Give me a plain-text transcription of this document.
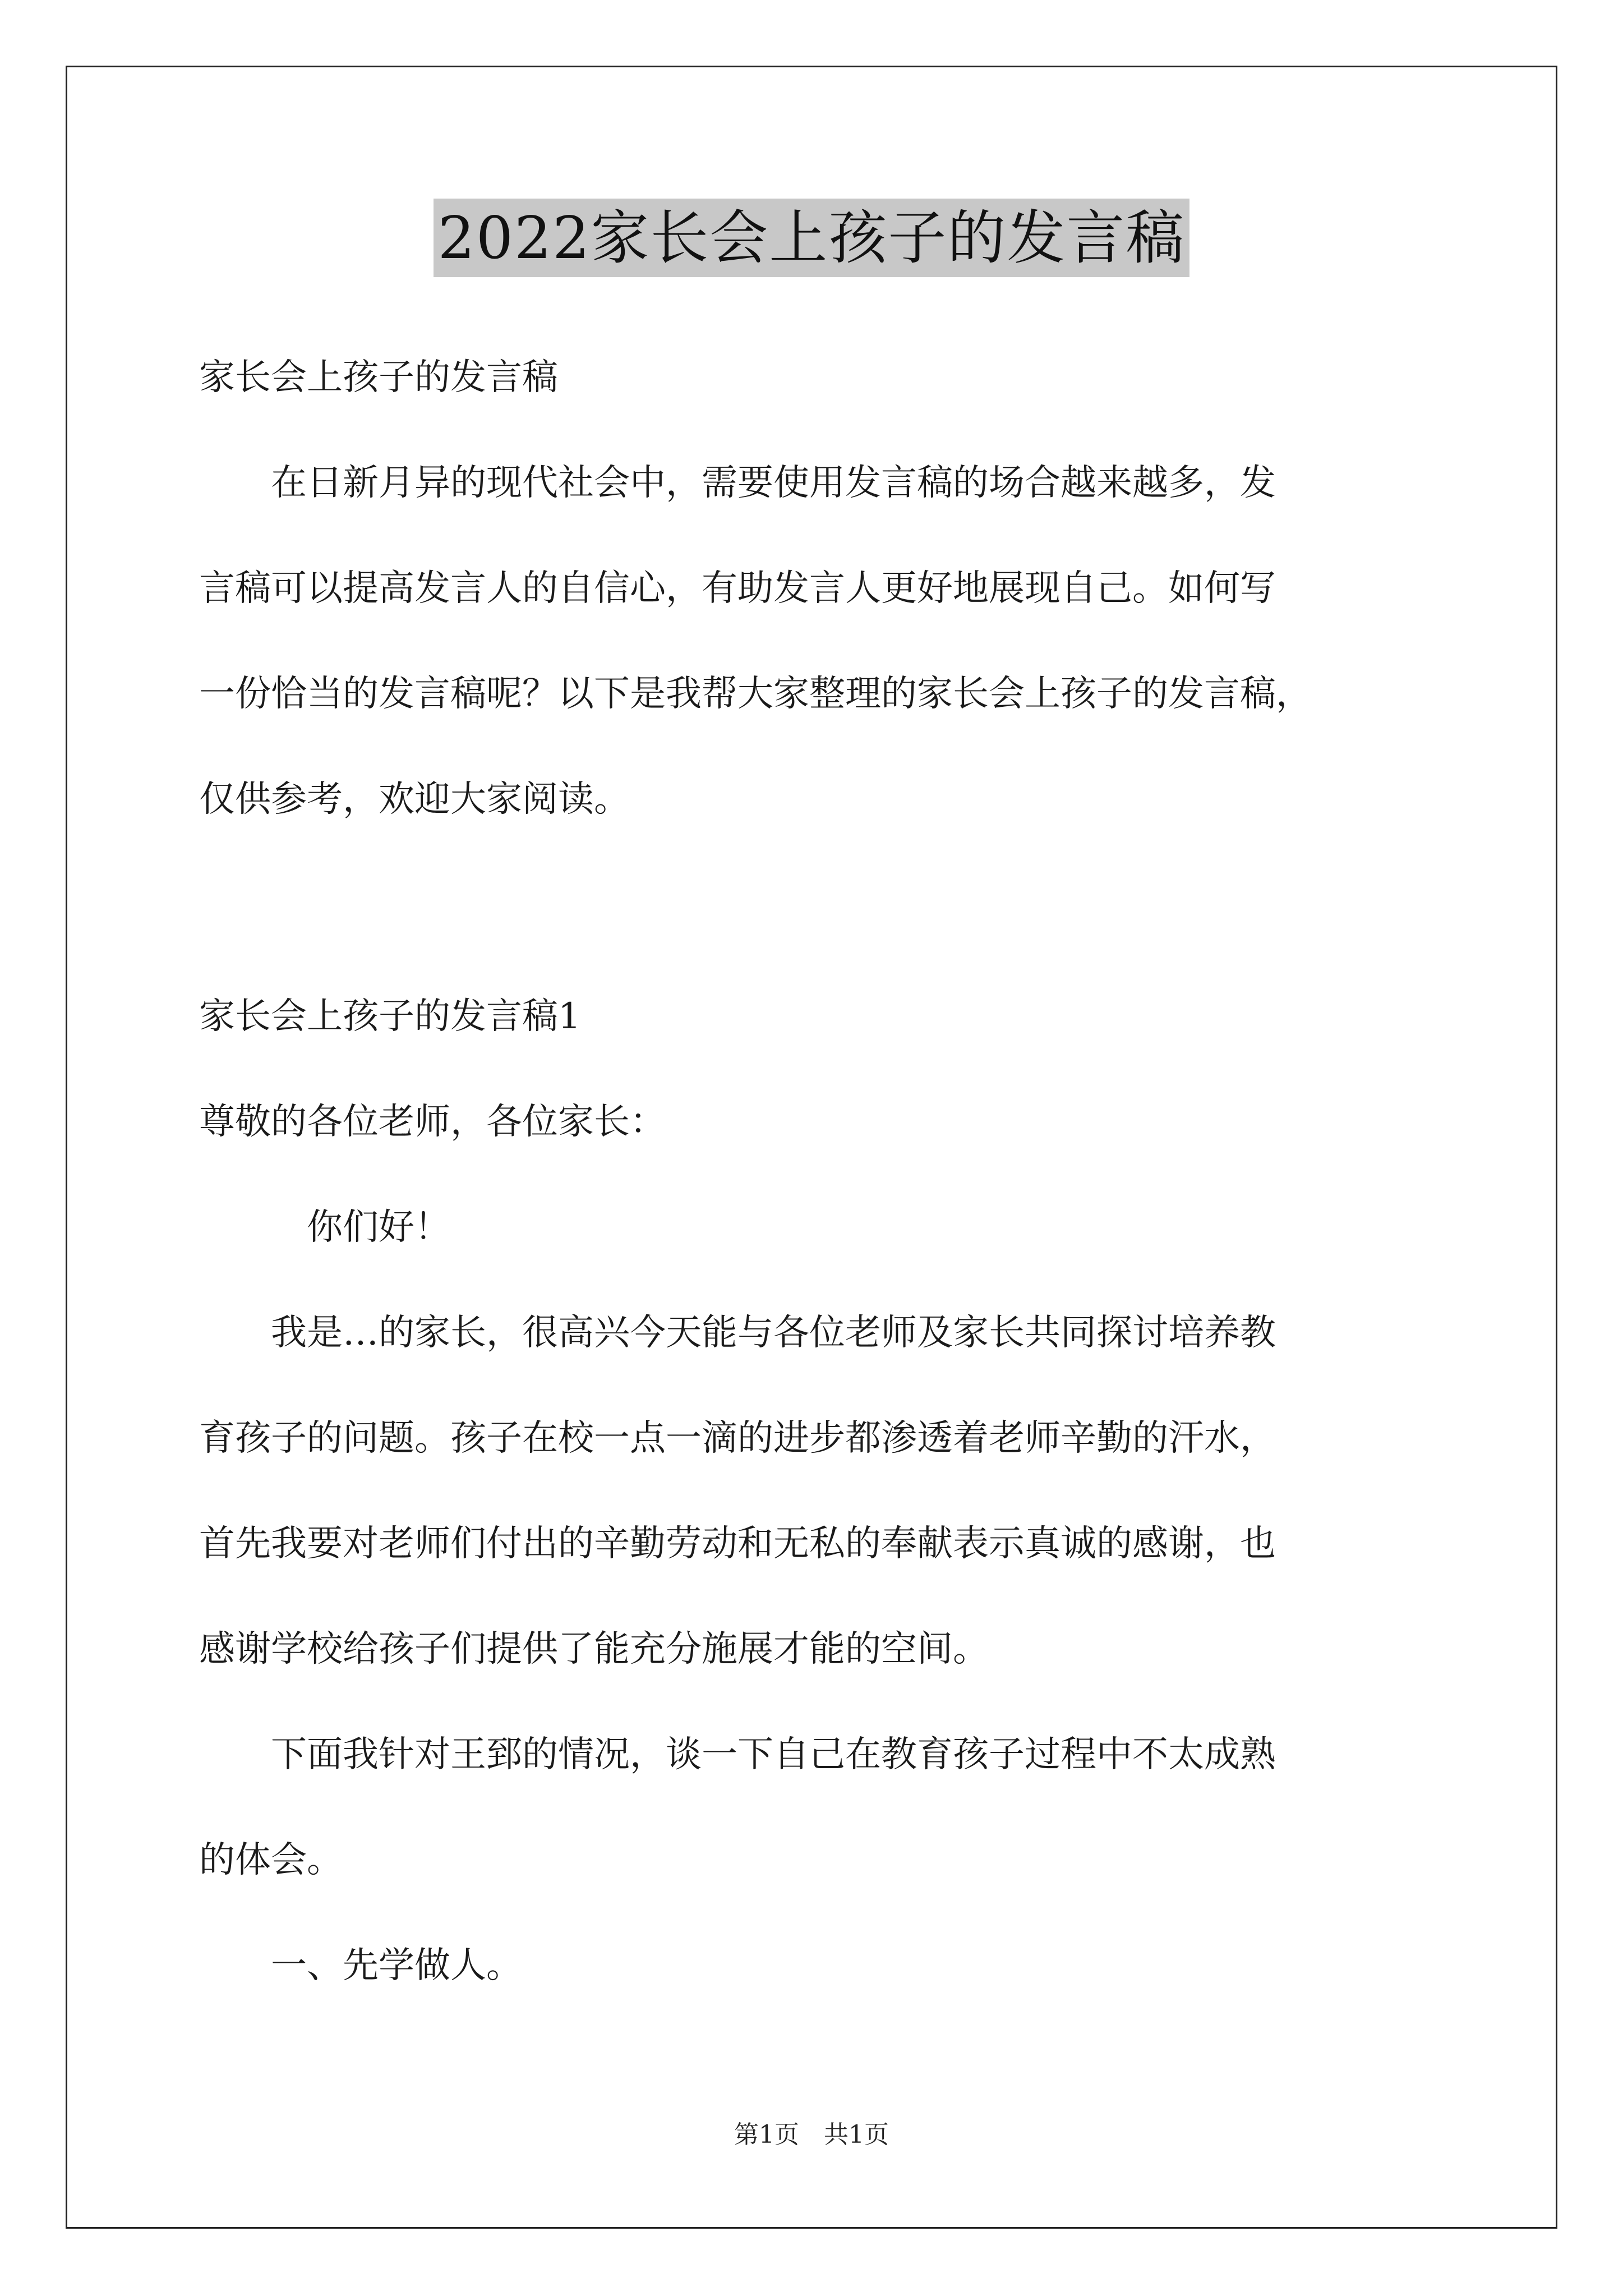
2022家长会上孩子的发言稿
家长会上孩子的发言稿
　　在日新月异的现代社会中，需要使用发言稿的场合越来越多，发
言稿可以提高发言人的自信心，有助发言人更好地展现自己。如何写
一份恰当的发言稿呢？以下是我帮大家整理的家长会上孩子的发言稿，
仅供参考，欢迎大家阅读。
家长会上孩子的发言稿1
尊敬的各位老师，各位家长：
　　　你们好！
　　我是…的家长，很高兴今天能与各位老师及家长共同探讨培养教
育孩子的问题。孩子在校一点一滴的进步都渗透着老师辛勤的汗水，
首先我要对老师们付出的辛勤劳动和无私的奉献表示真诚的感谢，也
感谢学校给孩子们提供了能充分施展才能的空间。
　　下面我针对王郅的情况，谈一下自己在教育孩子过程中不太成熟
的体会。
　　一、先学做人。
第1页　共1页
